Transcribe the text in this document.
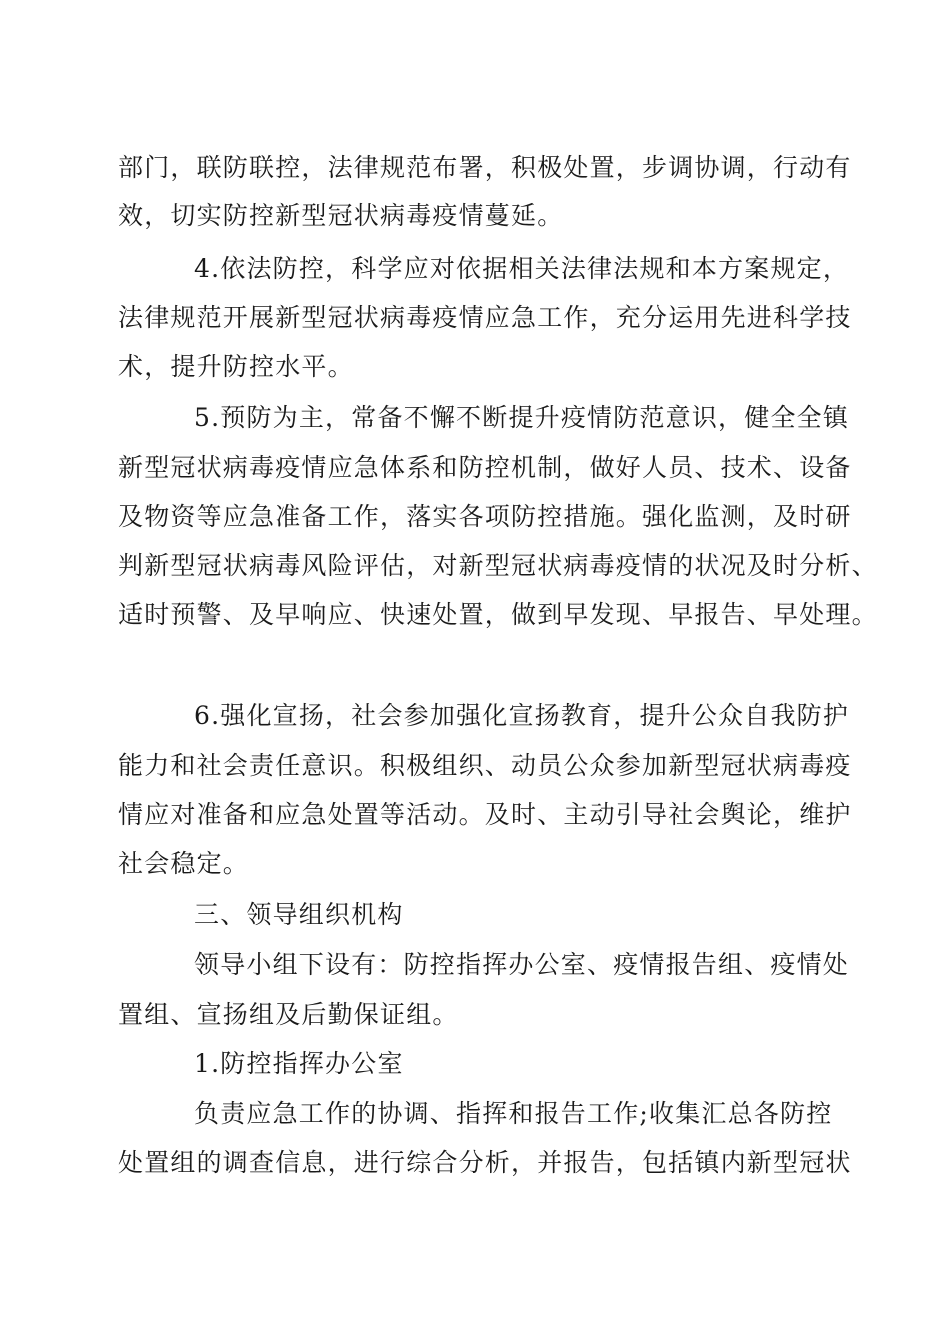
部门，联防联控，法律规范布署，积极处置，步调协调，行动有
效，切实防控新型冠状病毒疫情蔓延。
4.依法防控，科学应对依据相关法律法规和本方案规定，
法律规范开展新型冠状病毒疫情应急工作，充分运用先进科学技
术，提升防控水平。
5.预防为主，常备不懈不断提升疫情防范意识，健全全镇
新型冠状病毒疫情应急体系和防控机制，做好人员、技术、设备
及物资等应急准备工作，落实各项防控措施。强化监测，及时研
判新型冠状病毒风险评估，对新型冠状病毒疫情的状况及时分析、
适时预警、及早响应、快速处置，做到早发现、早报告、早处理。
6.强化宣扬，社会参加强化宣扬教育，提升公众自我防护
能力和社会责任意识。积极组织、动员公众参加新型冠状病毒疫
情应对准备和应急处置等活动。及时、主动引导社会舆论，维护
社会稳定。
三、领导组织机构
领导小组下设有：防控指挥办公室、疫情报告组、疫情处
置组、宣扬组及后勤保证组。
1.防控指挥办公室
负责应急工作的协调、指挥和报告工作;收集汇总各防控
处置组的调查信息，进行综合分析，并报告，包括镇内新型冠状
